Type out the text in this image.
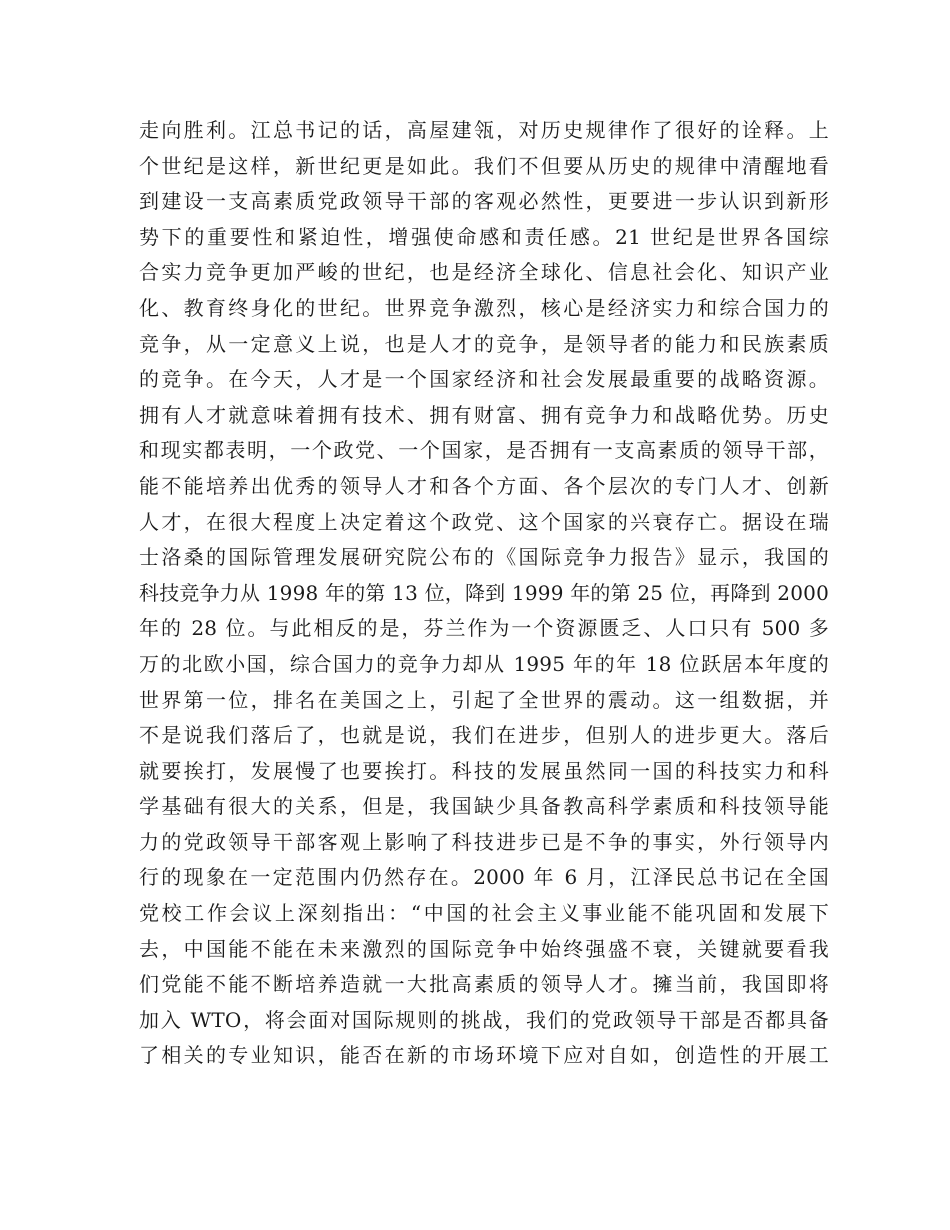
走向胜利。江总书记的话，高屋建瓴，对历史规律作了很好的诠释。上
个世纪是这样，新世纪更是如此。我们不但要从历史的规律中清醒地看
到建设一支高素质党政领导干部的客观必然性，更要进一步认识到新形
势下的重要性和紧迫性，增强使命感和责任感。21 世纪是世界各国综
合实力竞争更加严峻的世纪，也是经济全球化、信息社会化、知识产业
化、教育终身化的世纪。世界竞争激烈，核心是经济实力和综合国力的
竞争，从一定意义上说，也是人才的竞争，是领导者的能力和民族素质
的竞争。在今天，人才是一个国家经济和社会发展最重要的战略资源。
拥有人才就意味着拥有技术、拥有财富、拥有竞争力和战略优势。历史
和现实都表明，一个政党、一个国家，是否拥有一支高素质的领导干部，
能不能培养出优秀的领导人才和各个方面、各个层次的专门人才、创新
人才，在很大程度上决定着这个政党、这个国家的兴衰存亡。据设在瑞
士洛桑的国际管理发展研究院公布的《国际竞争力报告》显示，我国的
科技竞争力从 1998 年的第 13 位，降到 1999 年的第 25 位，再降到 2000
年的 28 位。与此相反的是，芬兰作为一个资源匮乏、人口只有 500 多
万的北欧小国，综合国力的竞争力却从 1995 年的年 18 位跃居本年度的
世界第一位，排名在美国之上，引起了全世界的震动。这一组数据，并
不是说我们落后了，也就是说，我们在进步，但别人的进步更大。落后
就要挨打，发展慢了也要挨打。科技的发展虽然同一国的科技实力和科
学基础有很大的关系，但是，我国缺少具备教高科学素质和科技领导能
力的党政领导干部客观上影响了科技进步已是不争的事实，外行领导内
行的现象在一定范围内仍然存在。2000 年 6 月，江泽民总书记在全国
党校工作会议上深刻指出：“中国的社会主义事业能不能巩固和发展下
去，中国能不能在未来激烈的国际竞争中始终强盛不衰，关键就要看我
们党能不能不断培养造就一大批高素质的领导人才。擁当前，我国即将
加入 WTO，将会面对国际规则的挑战，我们的党政领导干部是否都具备
了相关的专业知识，能否在新的市场环境下应对自如，创造性的开展工
